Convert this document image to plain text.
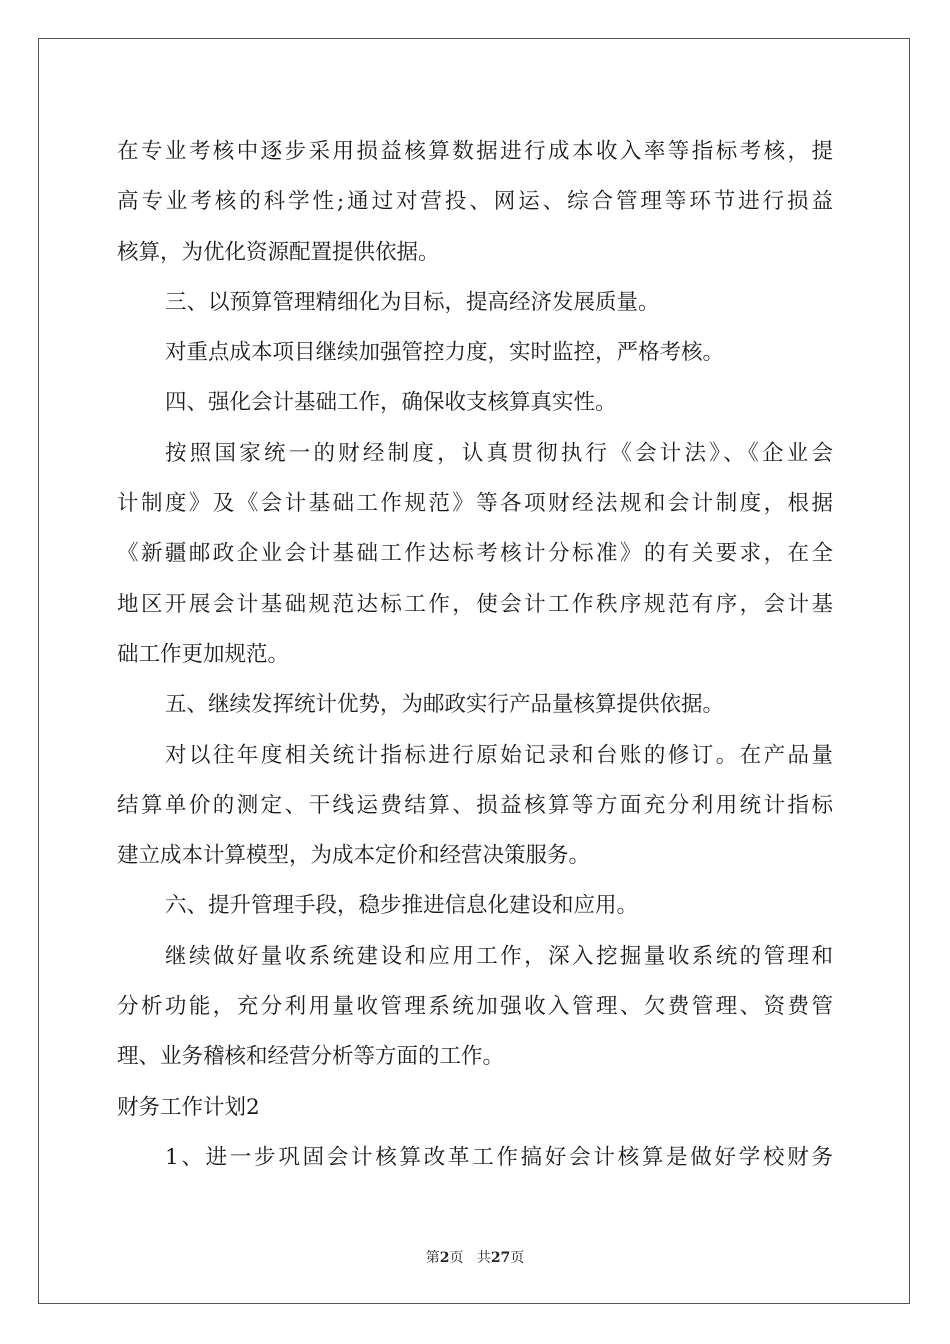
在专业考核中逐步采用损益核算数据进行成本收入率等指标考核，提
高专业考核的科学性;通过对营投、网运、综合管理等环节进行损益
核算，为优化资源配置提供依据。
三、以预算管理精细化为目标，提高经济发展质量。
对重点成本项目继续加强管控力度，实时监控，严格考核。
四、强化会计基础工作，确保收支核算真实性。
按照国家统一的财经制度，认真贯彻执行《会计法》、《企业会
计制度》及《会计基础工作规范》等各项财经法规和会计制度，根据
《新疆邮政企业会计基础工作达标考核计分标准》的有关要求，在全
地区开展会计基础规范达标工作，使会计工作秩序规范有序，会计基
础工作更加规范。
五、继续发挥统计优势，为邮政实行产品量核算提供依据。
对以往年度相关统计指标进行原始记录和台账的修订。在产品量
结算单价的测定、干线运费结算、损益核算等方面充分利用统计指标
建立成本计算模型，为成本定价和经营决策服务。
六、提升管理手段，稳步推进信息化建设和应用。
继续做好量收系统建设和应用工作，深入挖掘量收系统的管理和
分析功能，充分利用量收管理系统加强收入管理、欠费管理、资费管
理、业务稽核和经营分析等方面的工作。
财务工作计划2
1、进一步巩固会计核算改革工作搞好会计核算是做好学校财务
第2页 共27页
